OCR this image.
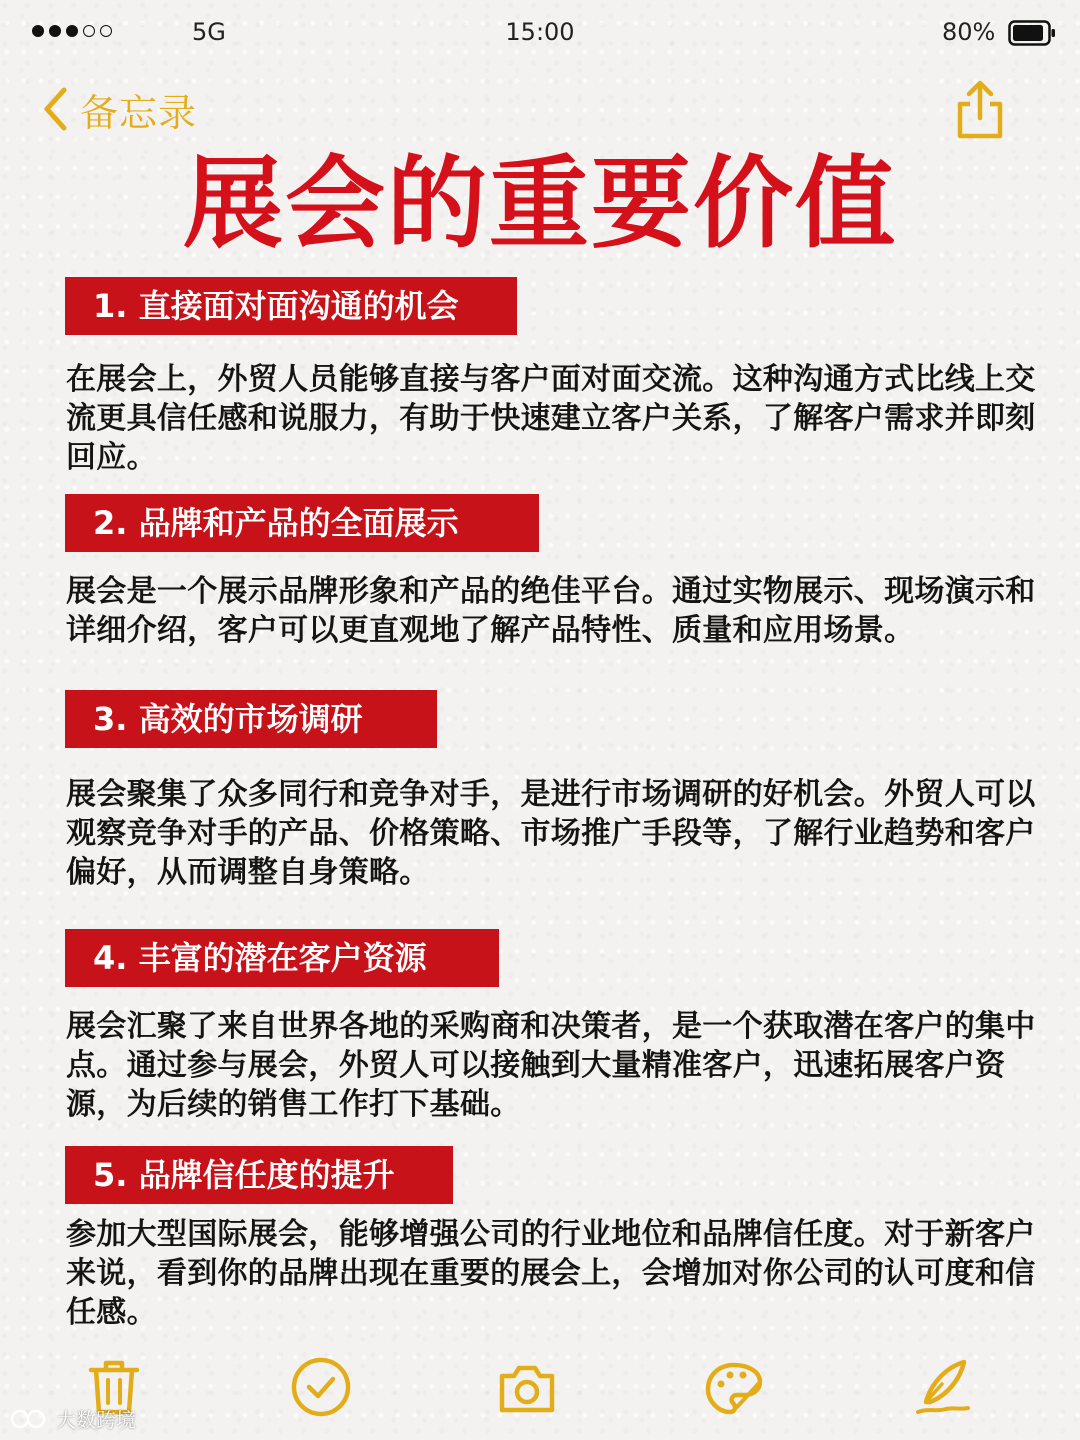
5G	15:00	80%
备忘录
展会的重要价值
1. 直接面对面沟通的机会
在展会上，外贸人员能够直接与客户面对面交流。这种沟通方式比线上交流更具信任感和说服力，有助于快速建立客户关系，了解客户需求并即刻回应。
2. 品牌和产品的全面展示
展会是一个展示品牌形象和产品的绝佳平台。通过实物展示、现场演示和详细介绍，客户可以更直观地了解产品特性、质量和应用场景。
3. 高效的市场调研
展会聚集了众多同行和竞争对手，是进行市场调研的好机会。外贸人可以观察竞争对手的产品、价格策略、市场推广手段等，了解行业趋势和客户偏好，从而调整自身策略。
4. 丰富的潜在客户资源
展会汇聚了来自世界各地的采购商和决策者，是一个获取潜在客户的集中点。通过参与展会，外贸人可以接触到大量精准客户，迅速拓展客户资源，为后续的销售工作打下基础。
5. 品牌信任度的提升
参加大型国际展会，能够增强公司的行业地位和品牌信任度。对于新客户来说，看到你的品牌出现在重要的展会上，会增加对你公司的认可度和信任感。
大数跨境
